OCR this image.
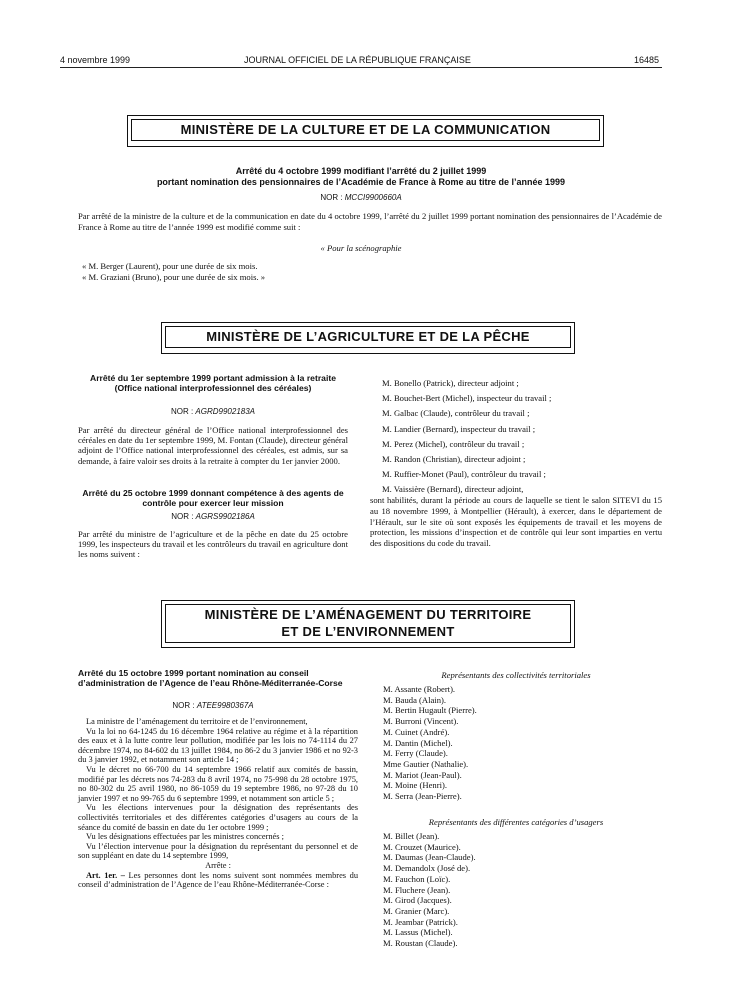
4 novembre 1999	JOURNAL OFFICIEL DE LA RÉPUBLIQUE FRANÇAISE	16485
MINISTÈRE DE LA CULTURE ET DE LA COMMUNICATION
Arrêté du 4 octobre 1999 modifiant l’arrêté du 2 juillet 1999
portant nomination des pensionnaires de l’Académie de France à Rome au titre de l’année 1999
NOR : MCCI9900660A
Par arrêté de la ministre de la culture et de la communication en date du 4 octobre 1999, l’arrêté du 2 juillet 1999 portant nomination des pensionnaires de l’Académie de France à Rome au titre de l’année 1999 est modifié comme suit :
« Pour la scénographie
« M. Berger (Laurent), pour une durée de six mois.
« M. Graziani (Bruno), pour une durée de six mois. »
MINISTÈRE DE L’AGRICULTURE ET DE LA PÊCHE
Arrêté du 1er septembre 1999 portant admission à la retraite (Office national interprofessionnel des céréales)
NOR : AGRD9902183A
Par arrêté du directeur général de l’Office national interprofessionnel des céréales en date du 1er septembre 1999, M. Fontan (Claude), directeur général adjoint de l’Office national interprofessionnel des céréales, est admis, sur sa demande, à faire valoir ses droits à la retraite à compter du 1er janvier 2000.
Arrêté du 25 octobre 1999 donnant compétence à des agents de contrôle pour exercer leur mission
NOR : AGRS9902186A
Par arrêté du ministre de l’agriculture et de la pêche en date du 25 octobre 1999, les inspecteurs du travail et les contrôleurs du travail en agriculture dont les noms suivent :
M. Bonello (Patrick), directeur adjoint ;
M. Bouchet-Bert (Michel), inspecteur du travail ;
M. Galbac (Claude), contrôleur du travail ;
M. Landier (Bernard), inspecteur du travail ;
M. Perez (Michel), contrôleur du travail ;
M. Randon (Christian), directeur adjoint ;
M. Ruffier-Monet (Paul), contrôleur du travail ;
M. Vaissière (Bernard), directeur adjoint,
sont habilités, durant la période au cours de laquelle se tient le salon SITEVI du 15 au 18 novembre 1999, à Montpellier (Hérault), à exercer, dans le département de l’Hérault, sur le site où sont exposés les équipements de travail et les moyens de protection, les missions d’inspection et de contrôle qui leur sont imparties en vertu des dispositions du code du travail.
MINISTÈRE DE L’AMÉNAGEMENT DU TERRITOIRE
ET DE L’ENVIRONNEMENT
Arrêté du 15 octobre 1999 portant nomination au conseil d’administration de l’Agence de l’eau Rhône-Méditerranée-Corse
NOR : ATEE9980367A
La ministre de l’aménagement du territoire et de l’environnement,
Vu la loi no 64-1245 du 16 décembre 1964 relative au régime et à la répartition des eaux et à la lutte contre leur pollution, modifiée par les lois no 74-1114 du 27 décembre 1974, no 84-602 du 13 juillet 1984, no 86-2 du 3 janvier 1986 et no 92-3 du 3 janvier 1992, et notamment son article 14 ;
Vu le décret no 66-700 du 14 septembre 1966 relatif aux comités de bassin, modifié par les décrets nos 74-283 du 8 avril 1974, no 75-998 du 28 octobre 1975, no 80-302 du 25 avril 1980, no 86-1059 du 19 septembre 1986, no 97-28 du 10 janvier 1997 et no 99-765 du 6 septembre 1999, et notamment son article 5 ;
Vu les élections intervenues pour la désignation des représentants des collectivités territoriales et des différentes catégories d’usagers au cours de la séance du comité de bassin en date du 1er octobre 1999 ;
Vu les désignations effectuées par les ministres concernés ;
Vu l’élection intervenue pour la désignation du représentant du personnel et de son suppléant en date du 14 septembre 1999,
Arrête :
Art. 1er. – Les personnes dont les noms suivent sont nommées membres du conseil d’administration de l’Agence de l’eau Rhône-Méditerranée-Corse :
Représentants des collectivités territoriales
M. Assante (Robert).
M. Bauda (Alain).
M. Bertin Hugault (Pierre).
M. Burroni (Vincent).
M. Cuinet (André).
M. Dantin (Michel).
M. Ferry (Claude).
Mme Gautier (Nathalie).
M. Mariot (Jean-Paul).
M. Moine (Henri).
M. Serra (Jean-Pierre).
Représentants des différentes catégories d’usagers
M. Billet (Jean).
M. Crouzet (Maurice).
M. Daumas (Jean-Claude).
M. Demandolx (José de).
M. Fauchon (Loïc).
M. Fluchere (Jean).
M. Girod (Jacques).
M. Granier (Marc).
M. Jeambar (Patrick).
M. Lassus (Michel).
M. Roustan (Claude).
